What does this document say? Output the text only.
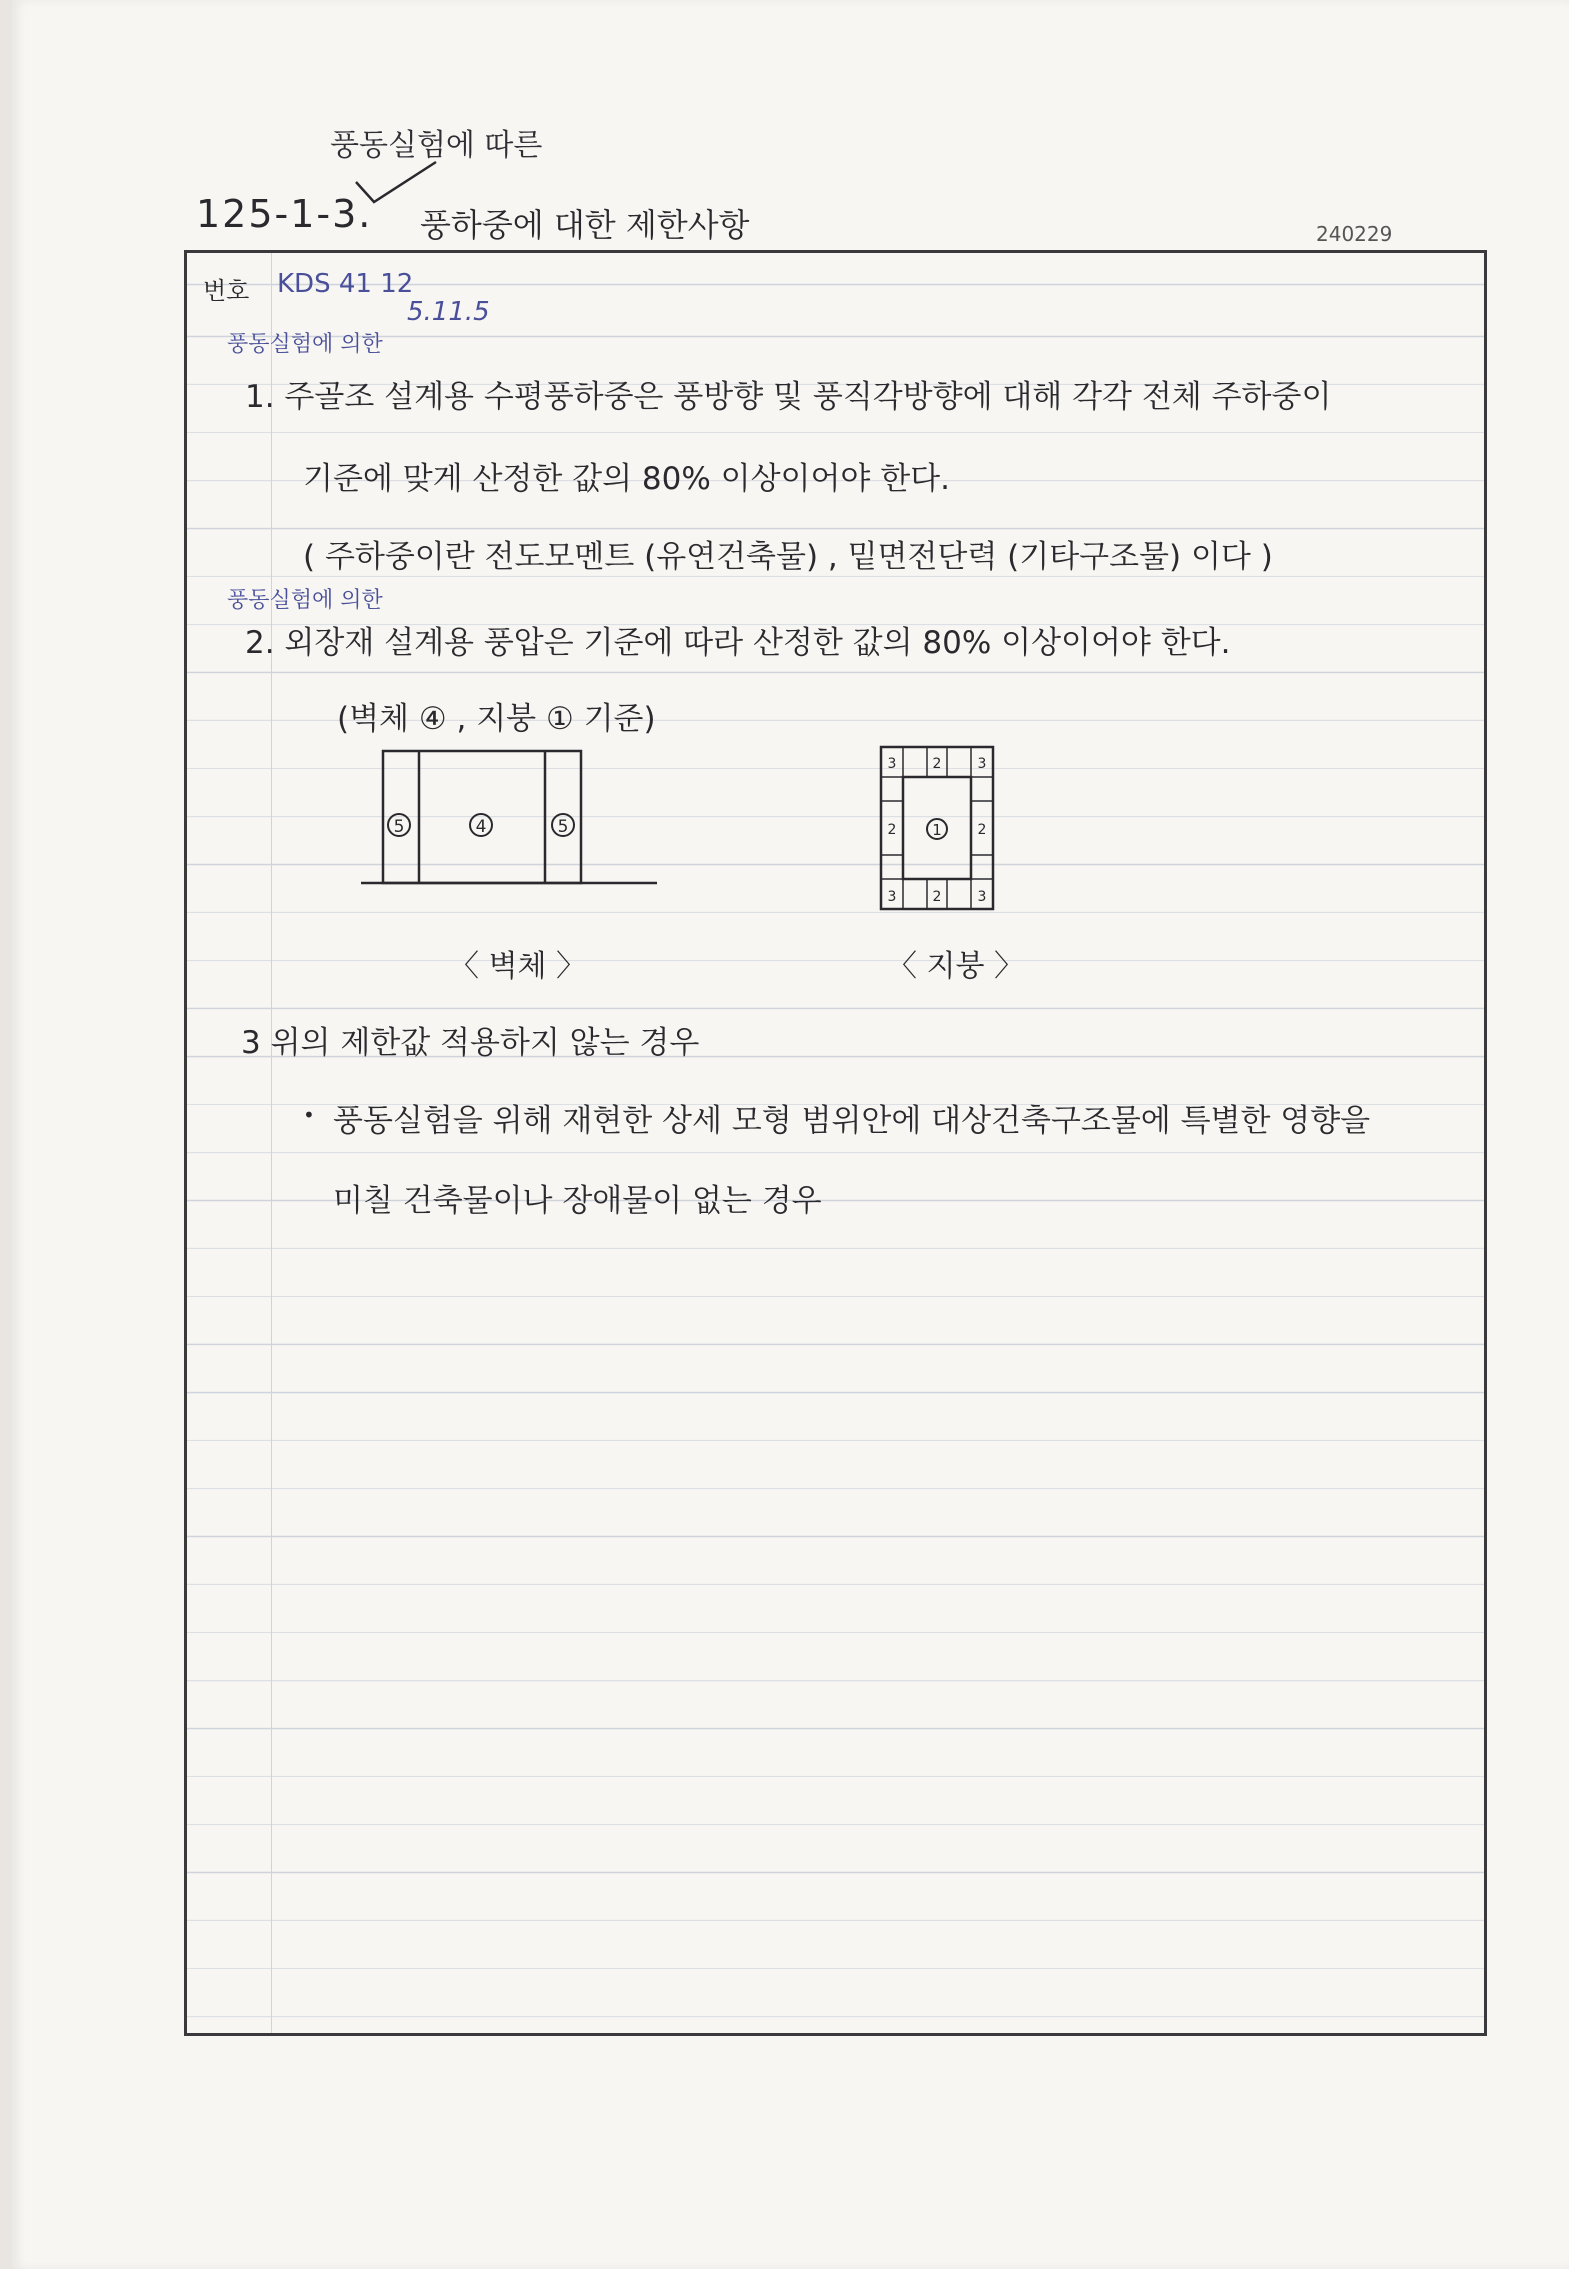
풍동실험에 따른
125-1-3. 풍하중에 대한 제한사항	240229
번호 KDS 41 12
5.11.5
풍동실험에 의한
1. 주골조 설계용 수평풍하중은 풍방향 및 풍직각방향에 대해 각각 전체 주하중이
기준에 맞게 산정한 값의 80% 이상이어야 한다.
( 주하중이란 전도모멘트 (유연건축물) , 밑면전단력 (기타구조물) 이다 )
풍동실험에 의한
2. 외장재 설계용 풍압은 기준에 따라 산정한 값의 80% 이상이어야 한다.
(벽체 ④ , 지붕 ① 기준)
5	4	5
〈 벽체 〉
1
2
2
2	2
3	3
3	3
〈 지붕 〉
3 위의 제한값 적용하지 않는 경우
• 풍동실험을 위해 재현한 상세 모형 범위안에 대상건축구조물에 특별한 영향을
미칠 건축물이나 장애물이 없는 경우
